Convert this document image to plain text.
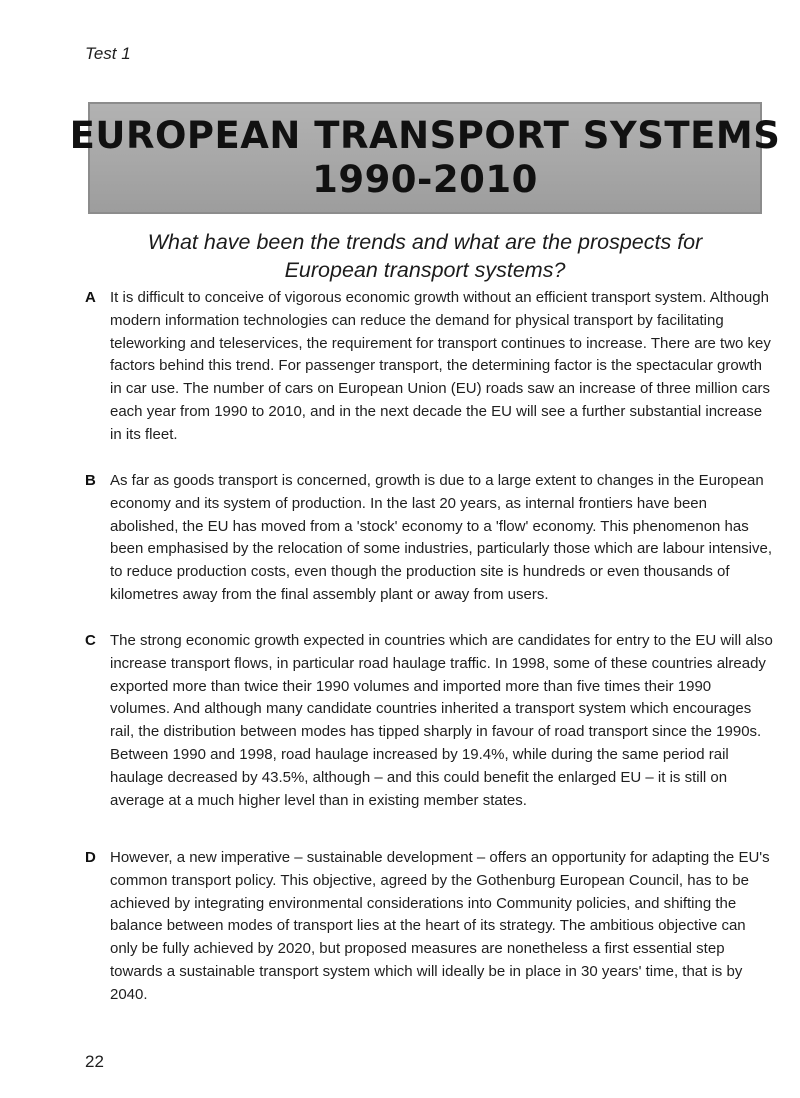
Test 1
EUROPEAN TRANSPORT SYSTEMS
1990-2010
What have been the trends and what are the prospects for
European transport systems?
A It is difficult to conceive of vigorous economic growth without an efficient transport system. Although modern information technologies can reduce the demand for physical transport by facilitating teleworking and teleservices, the requirement for transport continues to increase. There are two key factors behind this trend. For passenger transport, the determining factor is the spectacular growth in car use. The number of cars on European Union (EU) roads saw an increase of three million cars each year from 1990 to 2010, and in the next decade the EU will see a further substantial increase in its fleet.
B As far as goods transport is concerned, growth is due to a large extent to changes in the European economy and its system of production. In the last 20 years, as internal frontiers have been abolished, the EU has moved from a 'stock' economy to a 'flow' economy. This phenomenon has been emphasised by the relocation of some industries, particularly those which are labour intensive, to reduce production costs, even though the production site is hundreds or even thousands of kilometres away from the final assembly plant or away from users.
C The strong economic growth expected in countries which are candidates for entry to the EU will also increase transport flows, in particular road haulage traffic. In 1998, some of these countries already exported more than twice their 1990 volumes and imported more than five times their 1990 volumes. And although many candidate countries inherited a transport system which encourages rail, the distribution between modes has tipped sharply in favour of road transport since the 1990s. Between 1990 and 1998, road haulage increased by 19.4%, while during the same period rail haulage decreased by 43.5%, although – and this could benefit the enlarged EU – it is still on average at a much higher level than in existing member states.
D However, a new imperative – sustainable development – offers an opportunity for adapting the EU's common transport policy. This objective, agreed by the Gothenburg European Council, has to be achieved by integrating environmental considerations into Community policies, and shifting the balance between modes of transport lies at the heart of its strategy. The ambitious objective can only be fully achieved by 2020, but proposed measures are nonetheless a first essential step towards a sustainable transport system which will ideally be in place in 30 years' time, that is by 2040.
22
